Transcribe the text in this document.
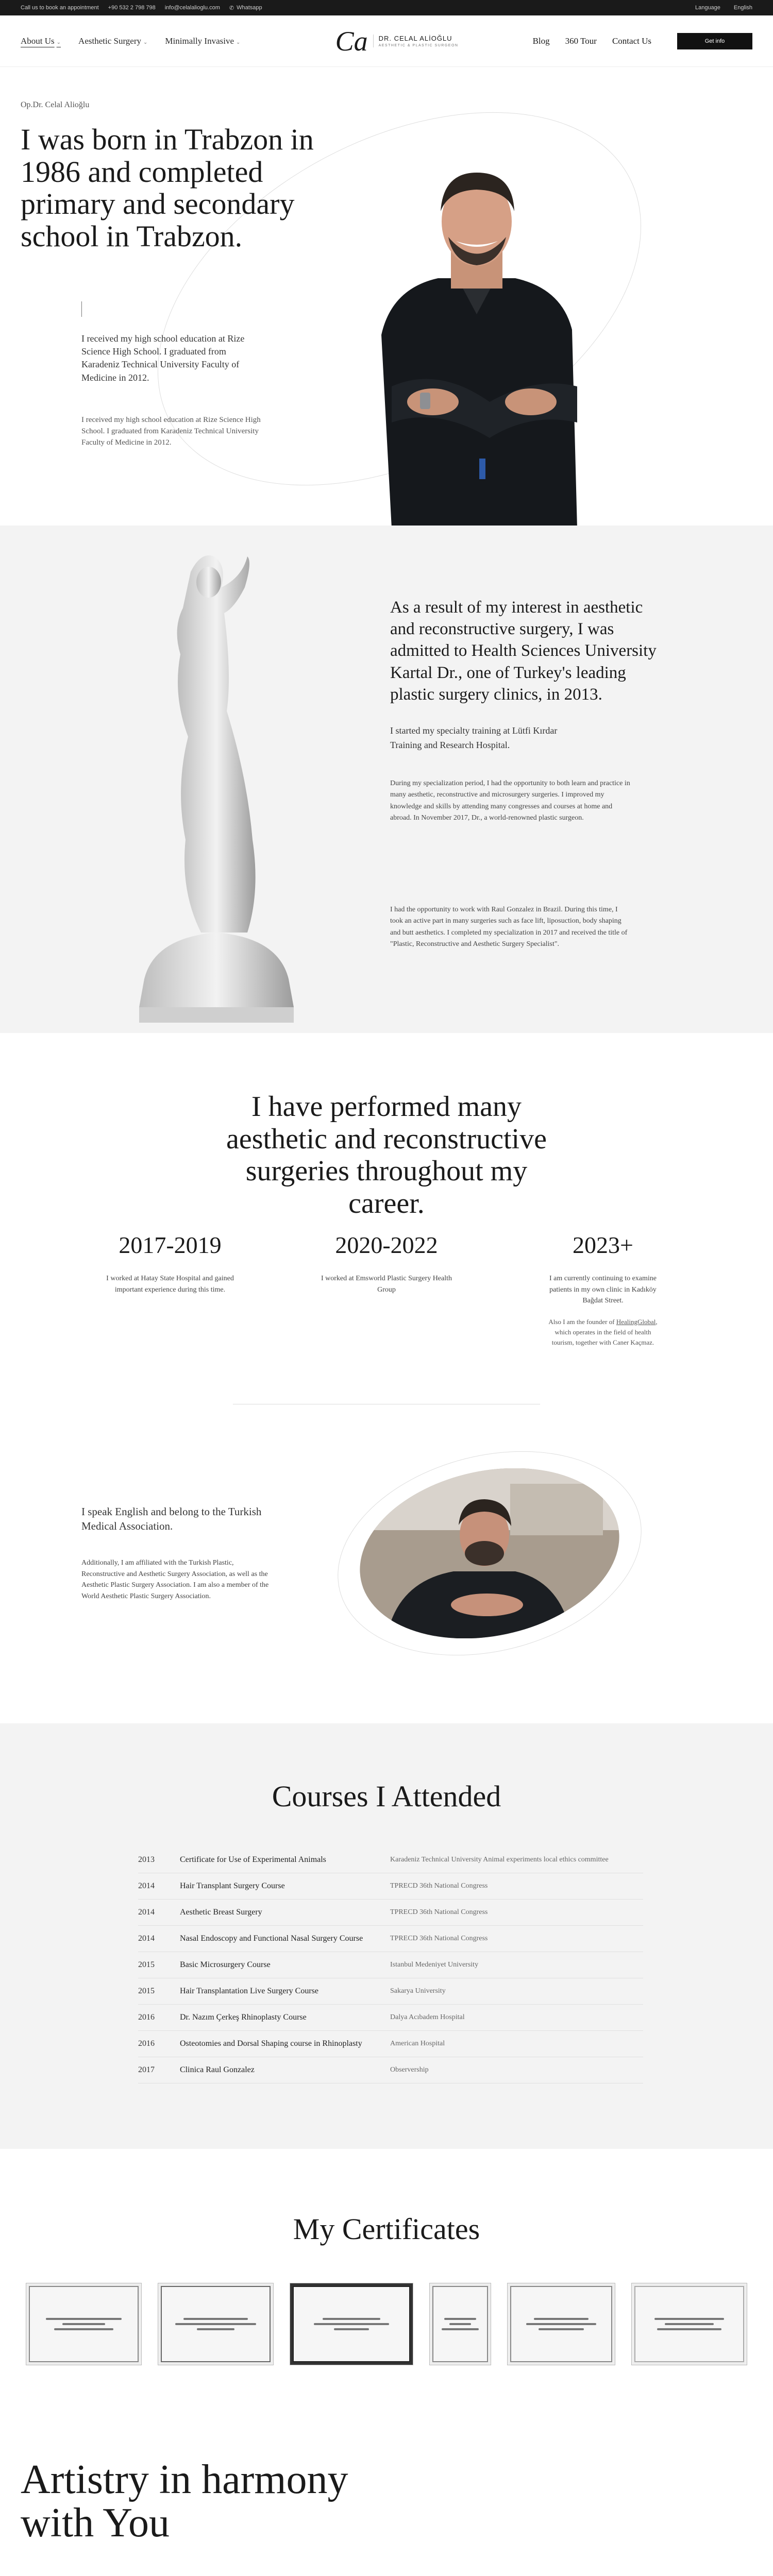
Call us to book an appointment +90 532 2 798 798 info@celalalioglu.com ✆ Whatsapp	Language English
About Us ⌄ Aesthetic Surgery ⌄ Minimally Invasive ⌄	Ca DR. CELAL ALİOĞLU
AESTHETIC & PLASTIC SURGEON	Blog 360 Tour Contact Us	Get info
Op.Dr. Celal Alioğlu
I was born in Trabzon in 1986 and completed primary and secondary school in Trabzon.

I received my high school education at Rize Science High School. I graduated from Karadeniz Technical University Faculty of Medicine in 2012.

I received my high school education at Rize Science High School. I graduated from Karadeniz Technical University Faculty of Medicine in 2012.

As a result of my interest in aesthetic and reconstructive surgery, I was admitted to Health Sciences University Kartal Dr., one of Turkey's leading plastic surgery clinics, in 2013.

I started my specialty training at Lütfi Kırdar Training and Research Hospital.

During my specialization period, I had the opportunity to both learn and practice in many aesthetic, reconstructive and microsurgery surgeries. I improved my knowledge and skills by attending many congresses and courses at home and abroad. In November 2017, Dr., a world-renowned plastic surgeon.

I had the opportunity to work with Raul Gonzalez in Brazil. During this time, I took an active part in many surgeries such as face lift, liposuction, body shaping and butt aesthetics. I completed my specialization in 2017 and received the title of "Plastic, Reconstructive and Aesthetic Surgery Specialist".

I have performed many aesthetic and reconstructive surgeries throughout my career.
2017-2019
I worked at Hatay State Hospital and gained important experience during this time.
2020-2022
I worked at Emsworld Plastic Surgery Health Group
2023+
I am currently continuing to examine patients in my own clinic in Kadıköy Bağdat Street.
Also I am the founder of HealingGlobal, which operates in the field of health tourism, together with Caner Kaçmaz.

I speak English and belong to the Turkish Medical Association.

Additionally, I am affiliated with the Turkish Plastic, Reconstructive and Aesthetic Surgery Association, as well as the Aesthetic Plastic Surgery Association. I am also a member of the World Aesthetic Plastic Surgery Association.

Courses I Attended
2013	Certificate for Use of Experimental Animals	Karadeniz Technical University Animal experiments local ethics committee
2014	Hair Transplant Surgery Course	TPRECD 36th National Congress
2014	Aesthetic Breast Surgery	TPRECD 36th National Congress
2014	Nasal Endoscopy and Functional Nasal Surgery Course	TPRECD 36th National Congress
2015	Basic Microsurgery Course	Istanbul Medeniyet University
2015	Hair Transplantation Live Surgery Course	Sakarya University
2016	Dr. Nazım Çerkeş Rhinoplasty Course	Dalya Acıbadem Hospital
2016	Osteotomies and Dorsal Shaping course in Rhinoplasty	American Hospital
2017	Clinica Raul Gonzalez	Observership
My Certificates
Artistry in harmony with You
